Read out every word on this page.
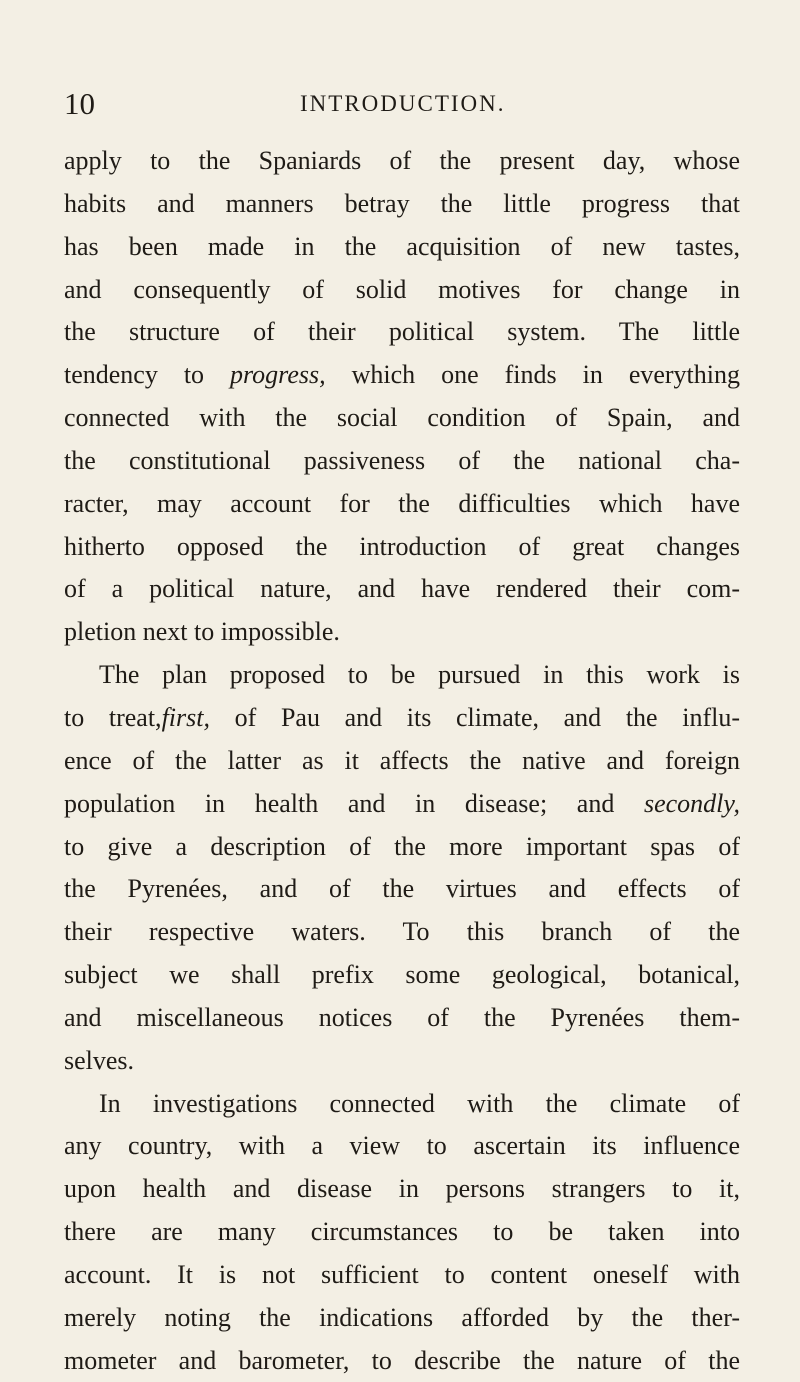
10	INTRODUCTION.
apply to the Spaniards of the present day, whose
habits and manners betray the little progress that
has been made in the acquisition of new tastes,
and consequently of solid motives for change in
the structure of their political system. The little
tendency to progress, which one finds in everything
connected with the social condition of Spain, and
the constitutional passiveness of the national cha-
racter, may account for the difficulties which have
hitherto opposed the introduction of great changes
of a political nature, and have rendered their com-
pletion next to impossible.
The plan proposed to be pursued in this work is
to treat,first, of Pau and its climate, and the influ-
ence of the latter as it affects the native and foreign
population in health and in disease; and secondly,
to give a description of the more important spas of
the Pyrenées, and of the virtues and effects of
their respective waters. To this branch of the
subject we shall prefix some geological, botanical,
and miscellaneous notices of the Pyrenées them-
selves.
In investigations connected with the climate of
any country, with a view to ascertain its influence
upon health and disease in persons strangers to it,
there are many circumstances to be taken into
account. It is not sufficient to content oneself with
merely noting the indications afforded by the ther-
mometer and barometer, to describe the nature of the
